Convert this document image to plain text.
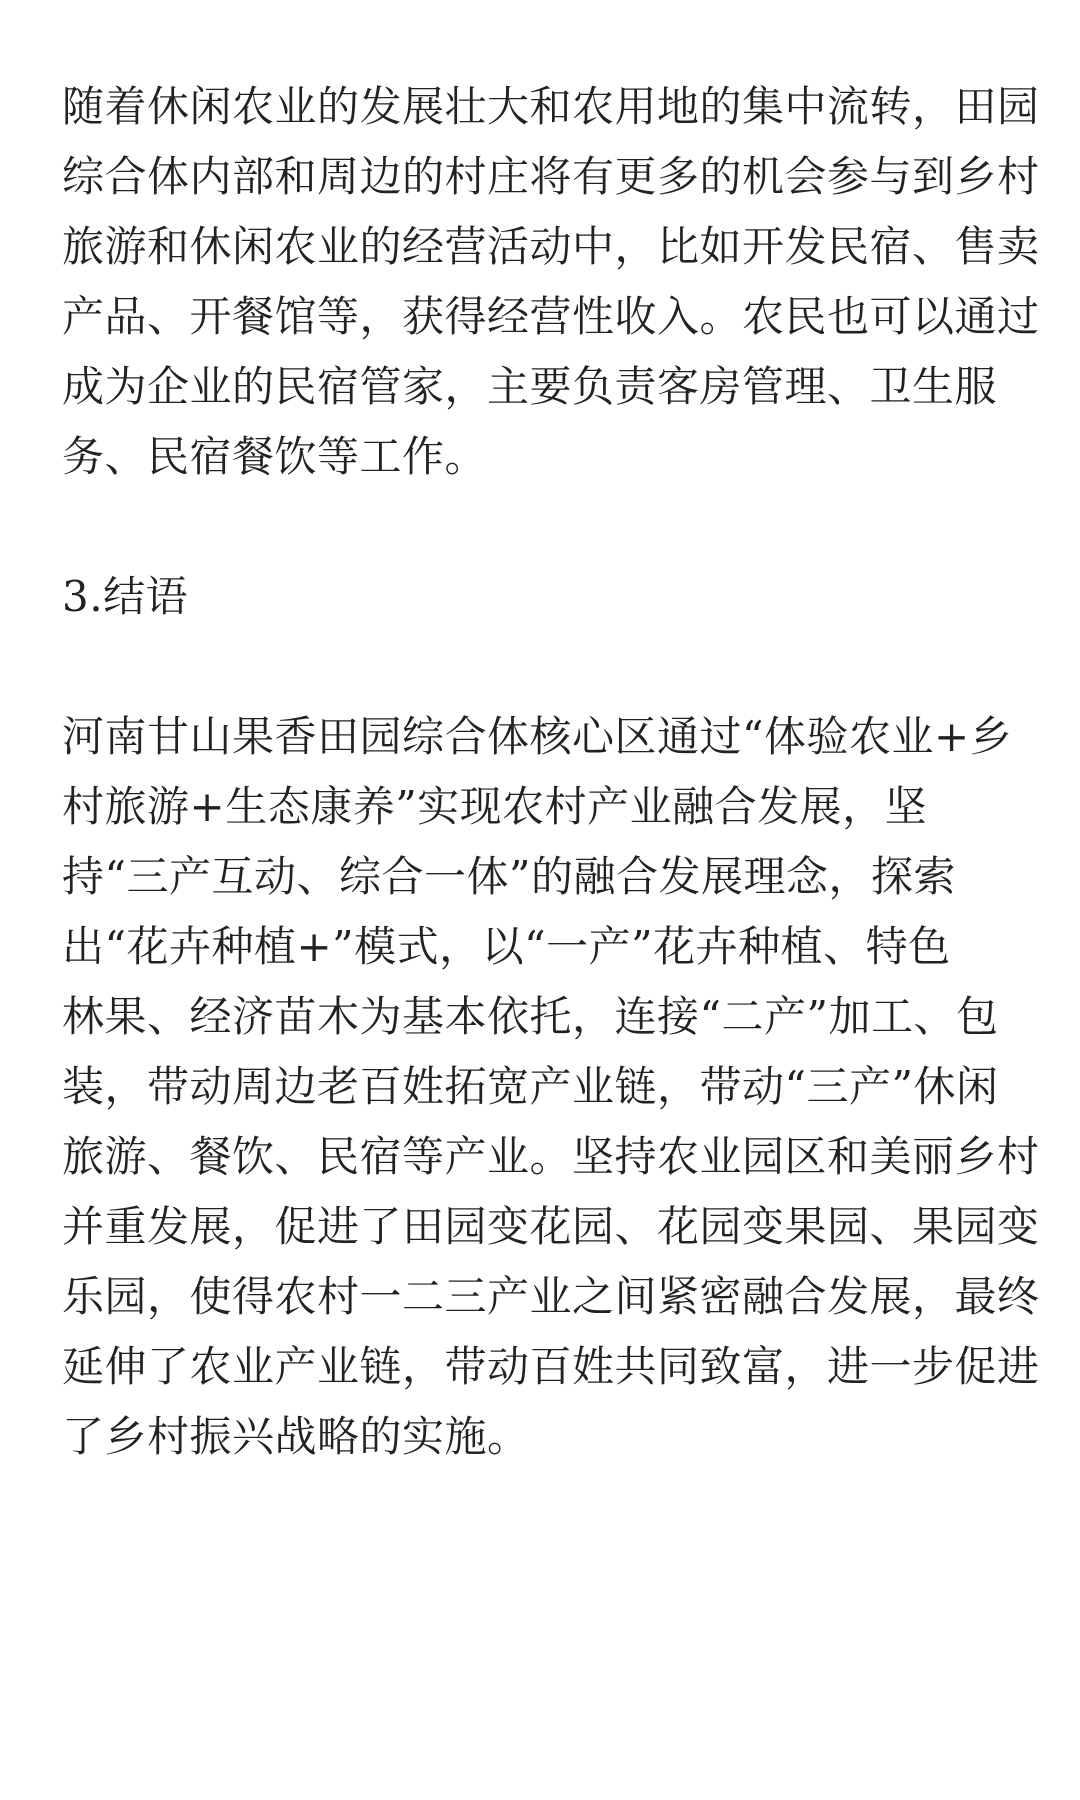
随着休闲农业的发展壮大和农用地的集中流转，田园
综合体内部和周边的村庄将有更多的机会参与到乡村
旅游和休闲农业的经营活动中，比如开发民宿、售卖
产品、开餐馆等，获得经营性收入。农民也可以通过
成为企业的民宿管家，主要负责客房管理、卫生服
务、民宿餐饮等工作。

3.结语

河南甘山果香田园综合体核心区通过“体验农业+乡
村旅游+生态康养”实现农村产业融合发展，坚
持“三产互动、综合一体”的融合发展理念，探索
出“花卉种植+”模式，以“一产”花卉种植、特色
林果、经济苗木为基本依托，连接“二产”加工、包
装，带动周边老百姓拓宽产业链，带动“三产”休闲
旅游、餐饮、民宿等产业。坚持农业园区和美丽乡村
并重发展，促进了田园变花园、花园变果园、果园变
乐园，使得农村一二三产业之间紧密融合发展，最终
延伸了农业产业链，带动百姓共同致富，进一步促进
了乡村振兴战略的实施。
